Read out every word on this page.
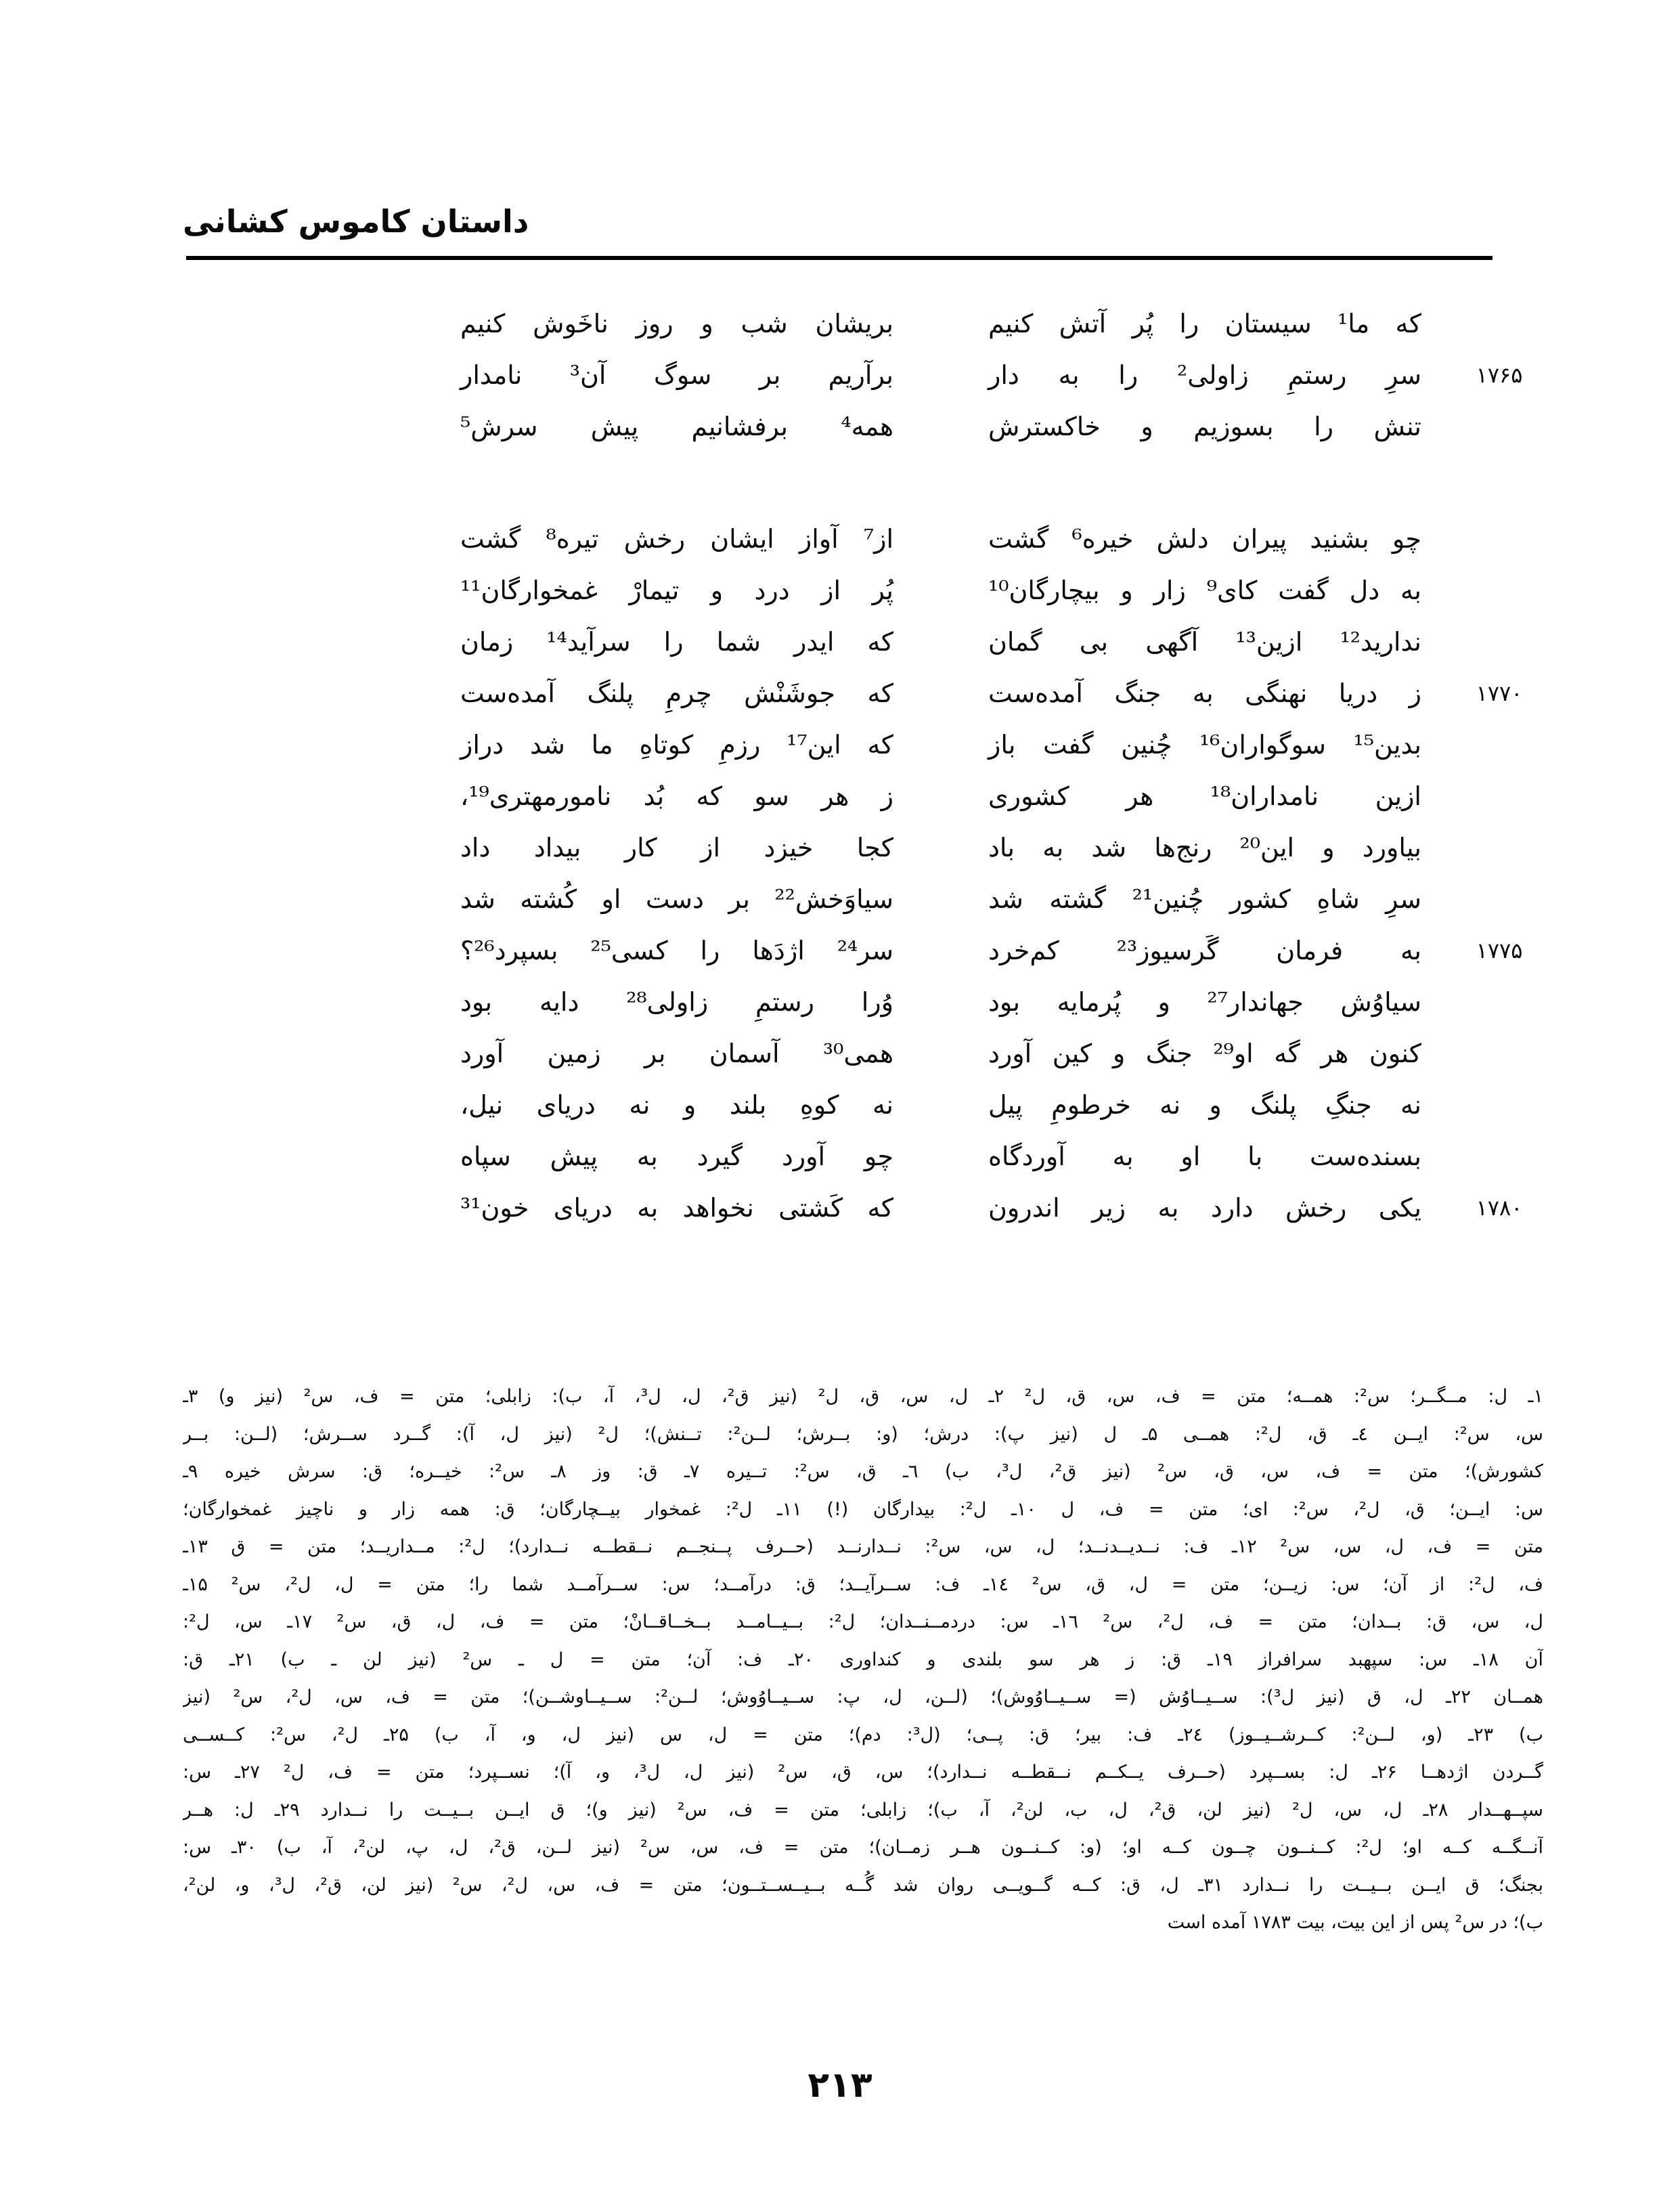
داستان کاموس کشانی
که ما¹ سیستان را پُر آتش کنیم
بریشان شب و روز ناخَوش کنیم
۱۷۶۵
سرِ رستمِ زاولی² را به دار
برآریم بر سوگ آن³ نامدار
تنش را بسوزیم و خاکسترش
همه⁴ برفشانیم پیش سرش⁵
چو بشنید پیران دلش خیره⁶ گشت
از⁷ آواز ایشان رخش تیره⁸ گشت
به دل گفت کای⁹ زار و بیچارگان¹⁰
پُر از درد و تیمارْ غمخوارگان¹¹
ندارید¹² ازین¹³ آگهی بی گمان
که ایدر شما را سرآید¹⁴ زمان
۱۷۷۰
ز دریا نهنگی به جنگ آمده‌ست
که جوشَنْش چرمِ پلنگ آمده‌ست
بدین¹⁵ سوگواران¹⁶ چُنین گفت باز
که این¹⁷ رزمِ کوتاهِ ما شد دراز
ازین نامداران¹⁸ هر کشوری
ز هر سو که بُد نامورمهتری¹⁹،
بیاورد و این²⁰ رنج‌ها شد به باد
کجا خیزد از کار بیداد داد
سرِ شاهِ کشور چُنین²¹ گشته شد
سیاوَخش²² بر دست او کُشته شد
۱۷۷۵
به فرمان گَرسیوز²³ کم‌خرد
سر²⁴ اژدَها را کسی²⁵ بسپرد²⁶؟
سیاوُش جهاندار²⁷ و پُرمایه بود
وُرا رستمِ زاولی²⁸ دایه بود
کنون هر گه او²⁹ جنگ و کین آورد
همی³⁰ آسمان بر زمین آورد
نه جنگِ پلنگ و نه خرطومِ پیل
نه کوهِ بلند و نه دریای نیل،
بسنده‌ست با او به آوردگاه
چو آورد گیرد به پیش سپاه
۱۷۸۰
یکی رخش دارد به زیر اندرون
که کَشتی نخواهد به دریای خون³¹
۱ـ ل: مــگــر؛ س²: همــه؛ متن = ف، س، ق، ل² ۲ـ ل، س، ق، ل² (نیز ق²، ل، ل³، آ، ب): زابلی؛ متن = ف، س² (نیز و) ۳ـ
س، س²: ایــن ٤ـ ق، ل²: همــی ۵ـ ل (نیز پ): درش؛ (و: بــرش؛ لــن²: تــنش)؛ ل² (نیز ل، آ): گــرد ســرش؛ (لــن: بــر
کشورش)؛ متن = ف، س، ق، س² (نیز ق²، ل³، ب) ٦ـ ق، س²: تــیره ۷ـ ق: وز ۸ـ س²: خیــره؛ ق: سرش خیره ۹ـ
س: ایــن؛ ق، ل²، س²: ای؛ متن = ف، ل ۱۰ـ ل²: بیدارگان (!) ۱۱ـ ل²: غمخوار بیــچارگان؛ ق: همه زار و ناچیز غمخوارگان؛
متن = ف، ل، س، س² ۱۲ـ ف: نــدیــدنــد؛ ل، س، س²: نــدارنــد (حــرف پــنجــم نــقطــه نــدارد)؛ ل²: مــداریــد؛ متن = ق ۱۳ـ
ف، ل²: از آن؛ س: زیــن؛ متن = ل، ق، س² ١٤ـ ف: ســرآیــد؛ ق: درآمــد؛ س: ســرآمــد شما را؛ متن = ل، ل²، س² ۱۵ـ
ل، س، ق: بــدان؛ متن = ف، ل²، س² ١٦ـ س: دردمــنــدان؛ ل²: بــیــامــد بــخــاقــانْ؛ متن = ف، ل، ق، س² ۱۷ـ س، ل²:
آن ۱۸ـ س: سپهبد سرافراز ۱۹ـ ق: ز هر سو بلندی و کنداوری ۲۰ـ ف: آن؛ متن = ل ـ س² (نیز لن ـ ب) ۲۱ـ ق:
همــان ۲۲ـ ل، ق (نیز ل³): ســیــاوُش (= ســیــاوُوش)؛ (لــن، ل، پ: ســیــاوُوش؛ لــن²: ســیــاوشــن)؛ متن = ف، س، ل²، س² (نیز
ب) ۲۳ـ (و، لــن²: کــرشــیــوز) ۲٤ـ ف: بیر؛ ق: پــی؛ (ل³: دم)؛ متن = ل، س (نیز ل، و، آ، ب) ۲۵ـ ل²، س²: کــســی
گــردن اژدهــا ۲۶ـ ل: بســپرد (حــرف یــکــم نــقطــه نــدارد)؛ س، ق، س² (نیز ل، ل³، و، آ)؛ نســپرد؛ متن = ف، ل² ۲۷ـ س:
سپــهــدار ۲۸ـ ل، س، ل² (نیز لن، ق²، ل، ب، لن²، آ، ب)؛ زابلی؛ متن = ف، س² (نیز و)؛ ق ایــن بــیــت را نــدارد ۲۹ـ ل: هــر
آنــگــه کــه او؛ ل²: کــنــون چــون کــه او؛ (و: کــنــون هــر زمــان)؛ متن = ف، س، س² (نیز لــن، ق²، ل، پ، لن²، آ، ب) ۳۰ـ س:
بجنگ؛ ق ایــن بــیــت را نــدارد ۳۱ـ ل، ق: کــه گــویــی روان شد گُــه بــیــســتــون؛ متن = ف، س، ل²، س² (نیز لن، ق²، ل³، و، لن²،
ب)؛ در س² پس از این بیت، بیت ۱۷۸۳ آمده است
۲۱۳
